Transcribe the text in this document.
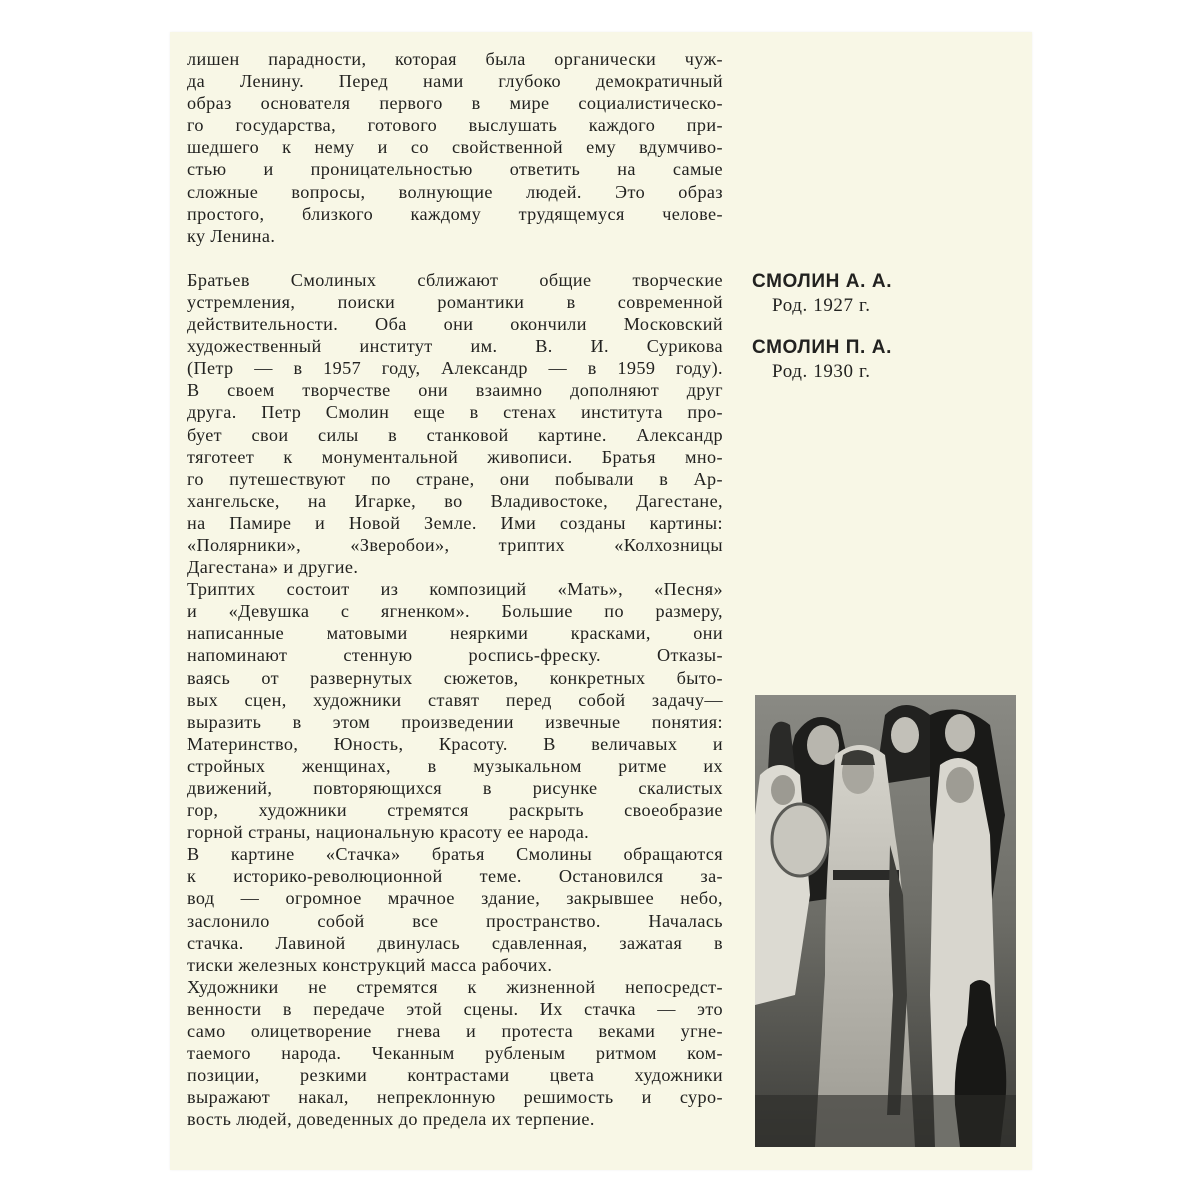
лишен парадности, которая была органически чуж-
да Ленину. Перед нами глубоко демократичный
образ основателя первого в мире социалистическо-
го государства, готового выслушать каждого при-
шедшего к нему и со свойственной ему вдумчиво-
стью и проницательностью ответить на самые
сложные вопросы, волнующие людей. Это образ
простого, близкого каждому трудящемуся челове-
ку Ленина.

Братьев Смолиных сближают общие творческие
устремления, поиски романтики в современной
действительности. Оба они окончили Московский
художественный институт им. В. И. Сурикова
(Петр — в 1957 году, Александр — в 1959 году).
В своем творчестве они взаимно дополняют друг
друга. Петр Смолин еще в стенах института про-
бует свои силы в станковой картине. Александр
тяготеет к монументальной живописи. Братья мно-
го путешествуют по стране, они побывали в Ар-
хангельске, на Игарке, во Владивостоке, Дагестане,
на Памире и Новой Земле. Ими созданы картины:
«Полярники», «Зверобои», триптих «Колхозницы
Дагестана» и другие.

Триптих состоит из композиций «Мать», «Песня»
и «Девушка с ягненком». Большие по размеру,
написанные матовыми неяркими красками, они
напоминают стенную роспись-фреску. Отказы-
ваясь от развернутых сюжетов, конкретных быто-
вых сцен, художники ставят перед собой задачу—
выразить в этом произведении извечные понятия:
Материнство, Юность, Красоту. В величавых и
стройных женщинах, в музыкальном ритме их
движений, повторяющихся в рисунке скалистых
гор, художники стремятся раскрыть своеобразие
горной страны, национальную красоту ее народа.

В картине «Стачка» братья Смолины обращаются
к историко-революционной теме. Остановился за-
вод — огромное мрачное здание, закрывшее небо,
заслонило собой все пространство. Началась
стачка. Лавиной двинулась сдавленная, зажатая в
тиски железных конструкций масса рабочих.

Художники не стремятся к жизненной непосредст-
венности в передаче этой сцены. Их стачка — это
само олицетворение гнева и протеста веками угне-
таемого народа. Чеканным рубленым ритмом ком-
позиции, резкими контрастами цвета художники
выражают накал, непреклонную решимость и суро-
вость людей, доведенных до предела их терпение.

СМОЛИН А. А.
Род. 1927 г.
СМОЛИН П. А.
Род. 1930 г.
